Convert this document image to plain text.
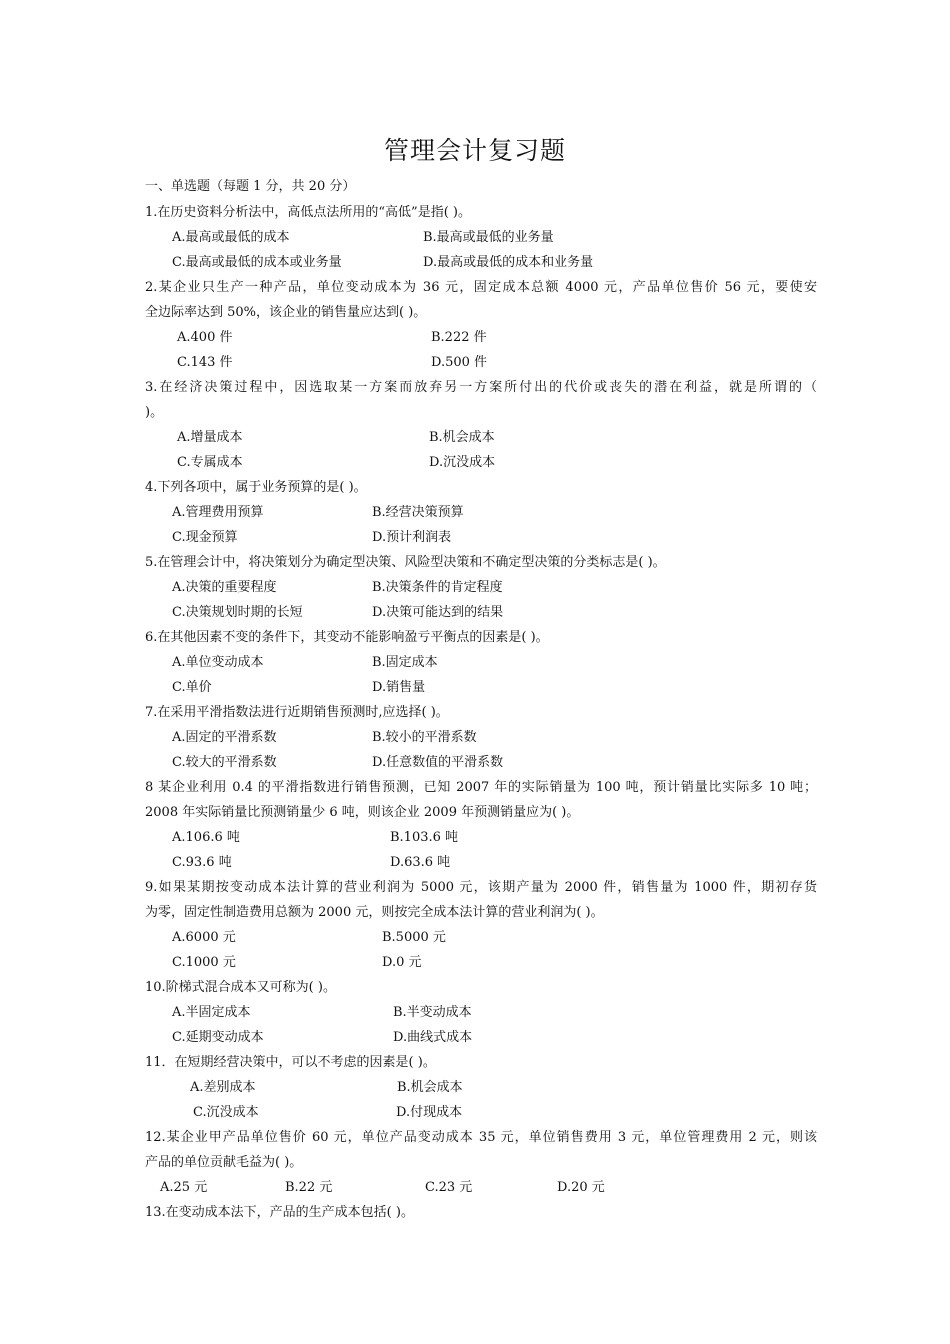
管理会计复习题
一、单选题（每题 1 分，共 20 分）
1.在历史资料分析法中，高低点法所用的“高低”是指( )。
A.最高或最低的成本	B.最高或最低的业务量
C.最高或最低的成本或业务量	D.最高或最低的成本和业务量
2.某企业只生产一种产品，单位变动成本为 36 元，固定成本总额 4000 元，产品单位售价 56 元，要使安
全边际率达到 50%，该企业的销售量应达到( )。
A.400 件	B.222 件
C.143 件	D.500 件
3.在经济决策过程中，因选取某一方案而放弃另一方案所付出的代价或丧失的潜在利益，就是所谓的（
)。
A.增量成本	B.机会成本
C.专属成本	D.沉没成本
4.下列各项中，属于业务预算的是( )。
A.管理费用预算	B.经营决策预算
C.现金预算	D.预计利润表
5.在管理会计中，将决策划分为确定型决策、风险型决策和不确定型决策的分类标志是( )。
A.决策的重要程度	B.决策条件的肯定程度
C.决策规划时期的长短	D.决策可能达到的结果
6.在其他因素不变的条件下，其变动不能影响盈亏平衡点的因素是( )。
A.单位变动成本	B.固定成本
C.单价	D.销售量
7.在采用平滑指数法进行近期销售预测时,应选择( )。
A.固定的平滑系数	B.较小的平滑系数
C.较大的平滑系数	D.任意数值的平滑系数
8 某企业利用 0.4 的平滑指数进行销售预测，已知 2007 年的实际销量为 100 吨，预计销量比实际多 10 吨；
2008 年实际销量比预测销量少 6 吨，则该企业 2009 年预测销量应为( )。
A.106.6 吨	B.103.6 吨
C.93.6 吨	D.63.6 吨
9.如果某期按变动成本法计算的营业利润为 5000 元，该期产量为 2000 件，销售量为 1000 件，期初存货
为零，固定性制造费用总额为 2000 元，则按完全成本法计算的营业利润为( )。
A.6000 元	B.5000 元
C.1000 元	D.0 元
10.阶梯式混合成本又可称为( )。
A.半固定成本	B.半变动成本
C.延期变动成本	D.曲线式成本
11．在短期经营决策中，可以不考虑的因素是( )。
A.差别成本	B.机会成本
C.沉没成本	D.付现成本
12.某企业甲产品单位售价 60 元，单位产品变动成本 35 元，单位销售费用 3 元，单位管理费用 2 元，则该
产品的单位贡献毛益为( )。
A.25 元	B.22 元	C.23 元	D.20 元
13.在变动成本法下，产品的生产成本包括( )。
